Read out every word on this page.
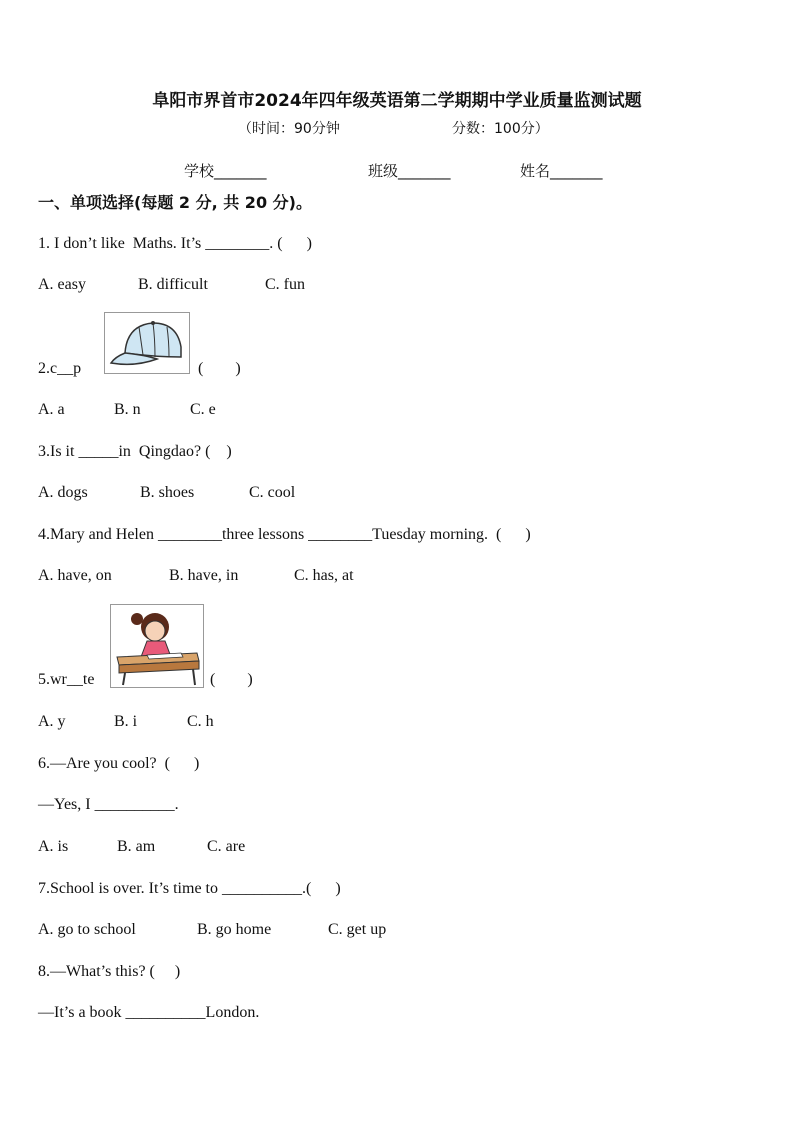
阜阳市界首市2024年四年级英语第二学期期中学业质量监测试题
（时间：90分钟	分数：100分）
学校_______	班级_______	姓名_______
一、单项选择(每题 2 分, 共 20 分)。
1. I don’t like  Maths. It’s ________. (      )
A. easy	B. difficult	C. fun
2.c__p	(        )
A. a	B. n	C. e
3.Is it _____in  Qingdao? (    )
A. dogs	B. shoes	C. cool
4.Mary and Helen ________three lessons ________Tuesday morning.  (      )
A. have, on	B. have, in	C. has, at
5.wr__te	(        )
A. y	B. i	C. h
6.—Are you cool?  (      )
—Yes, I __________.
A. is	B. am	C. are
7.School is over. It’s time to __________.(      )
A. go to school	B. go home	C. get up
8.—What’s this? (     )
—It’s a book __________London.
